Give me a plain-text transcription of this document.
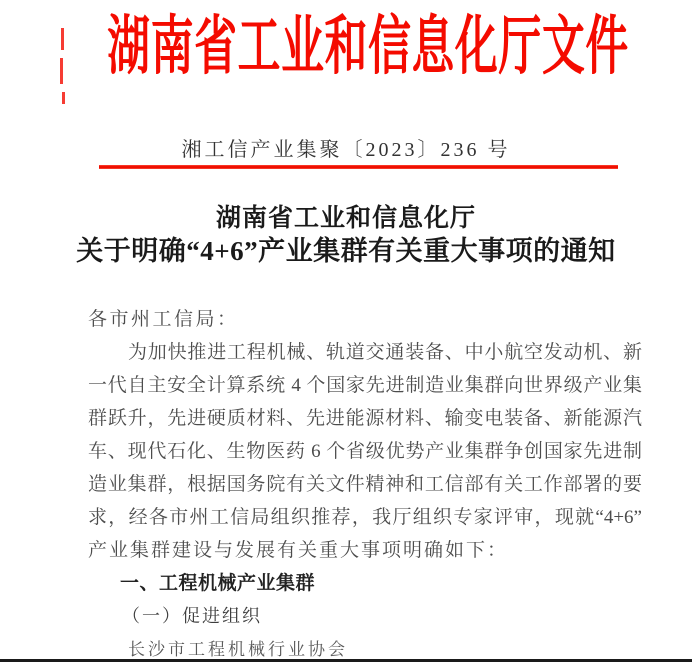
湖南省工业和信息化厅文件
湘工信产业集聚〔2023〕236 号
湖南省工业和信息化厅
关于明确“4+6”产业集群有关重大事项的通知
各市州工信局：
为加快推进工程机械、轨道交通装备、中小航空发动机、新
一代自主安全计算系统 4 个国家先进制造业集群向世界级产业集
群跃升，先进硬质材料、先进能源材料、输变电装备、新能源汽
车、现代石化、生物医药 6 个省级优势产业集群争创国家先进制
造业集群，根据国务院有关文件精神和工信部有关工作部署的要
求，经各市州工信局组织推荐，我厅组织专家评审，现就“4+6”
产业集群建设与发展有关重大事项明确如下：
一、工程机械产业集群
（一）促进组织
长沙市工程机械行业协会
